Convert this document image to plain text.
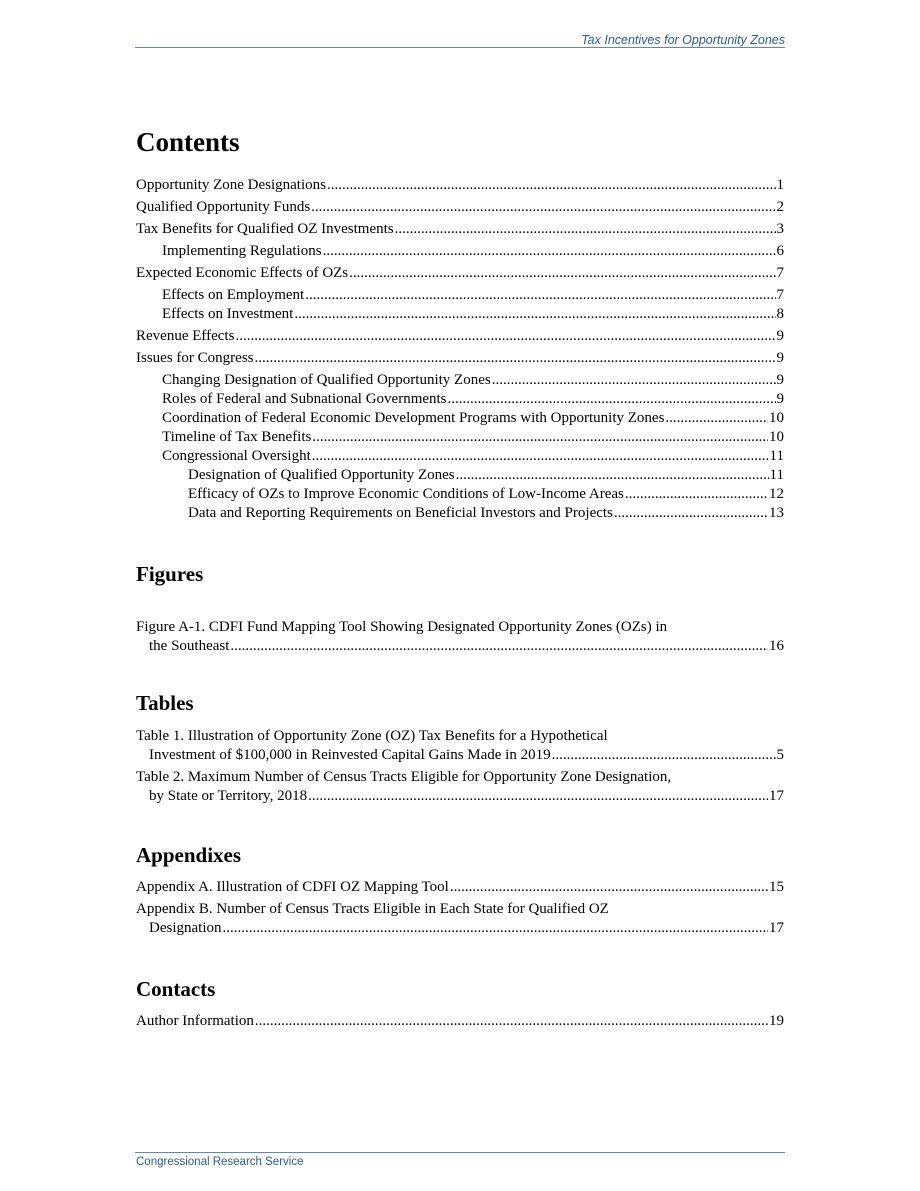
Tax Incentives for Opportunity Zones
Contents
Opportunity Zone Designations .....	1
Qualified Opportunity Funds .....	2
Tax Benefits for Qualified OZ Investments .....	3
Implementing Regulations .....	6
Expected Economic Effects of OZs .....	7
Effects on Employment .....	7
Effects on Investment .....	8
Revenue Effects .....	9
Issues for Congress .....	9
Changing Designation of Qualified Opportunity Zones .....	9
Roles of Federal and Subnational Governments .....	9
Coordination of Federal Economic Development Programs with Opportunity Zones .....	10
Timeline of Tax Benefits .....	10
Congressional Oversight .....	11
Designation of Qualified Opportunity Zones .....	11
Efficacy of OZs to Improve Economic Conditions of Low-Income Areas .....	12
Data and Reporting Requirements on Beneficial Investors and Projects .....	13
Figures
Figure A-1. CDFI Fund Mapping Tool Showing Designated Opportunity Zones (OZs) in
the Southeast .....	16
Tables
Table 1. Illustration of Opportunity Zone (OZ) Tax Benefits for a Hypothetical
Investment of $100,000 in Reinvested Capital Gains Made in 2019 .....	5
Table 2. Maximum Number of Census Tracts Eligible for Opportunity Zone Designation,
by State or Territory, 2018 .....	17
Appendixes
Appendix A. Illustration of CDFI OZ Mapping Tool .....	15
Appendix B. Number of Census Tracts Eligible in Each State for Qualified OZ
Designation .....	17
Contacts
Author Information .....	19
Congressional Research Service
